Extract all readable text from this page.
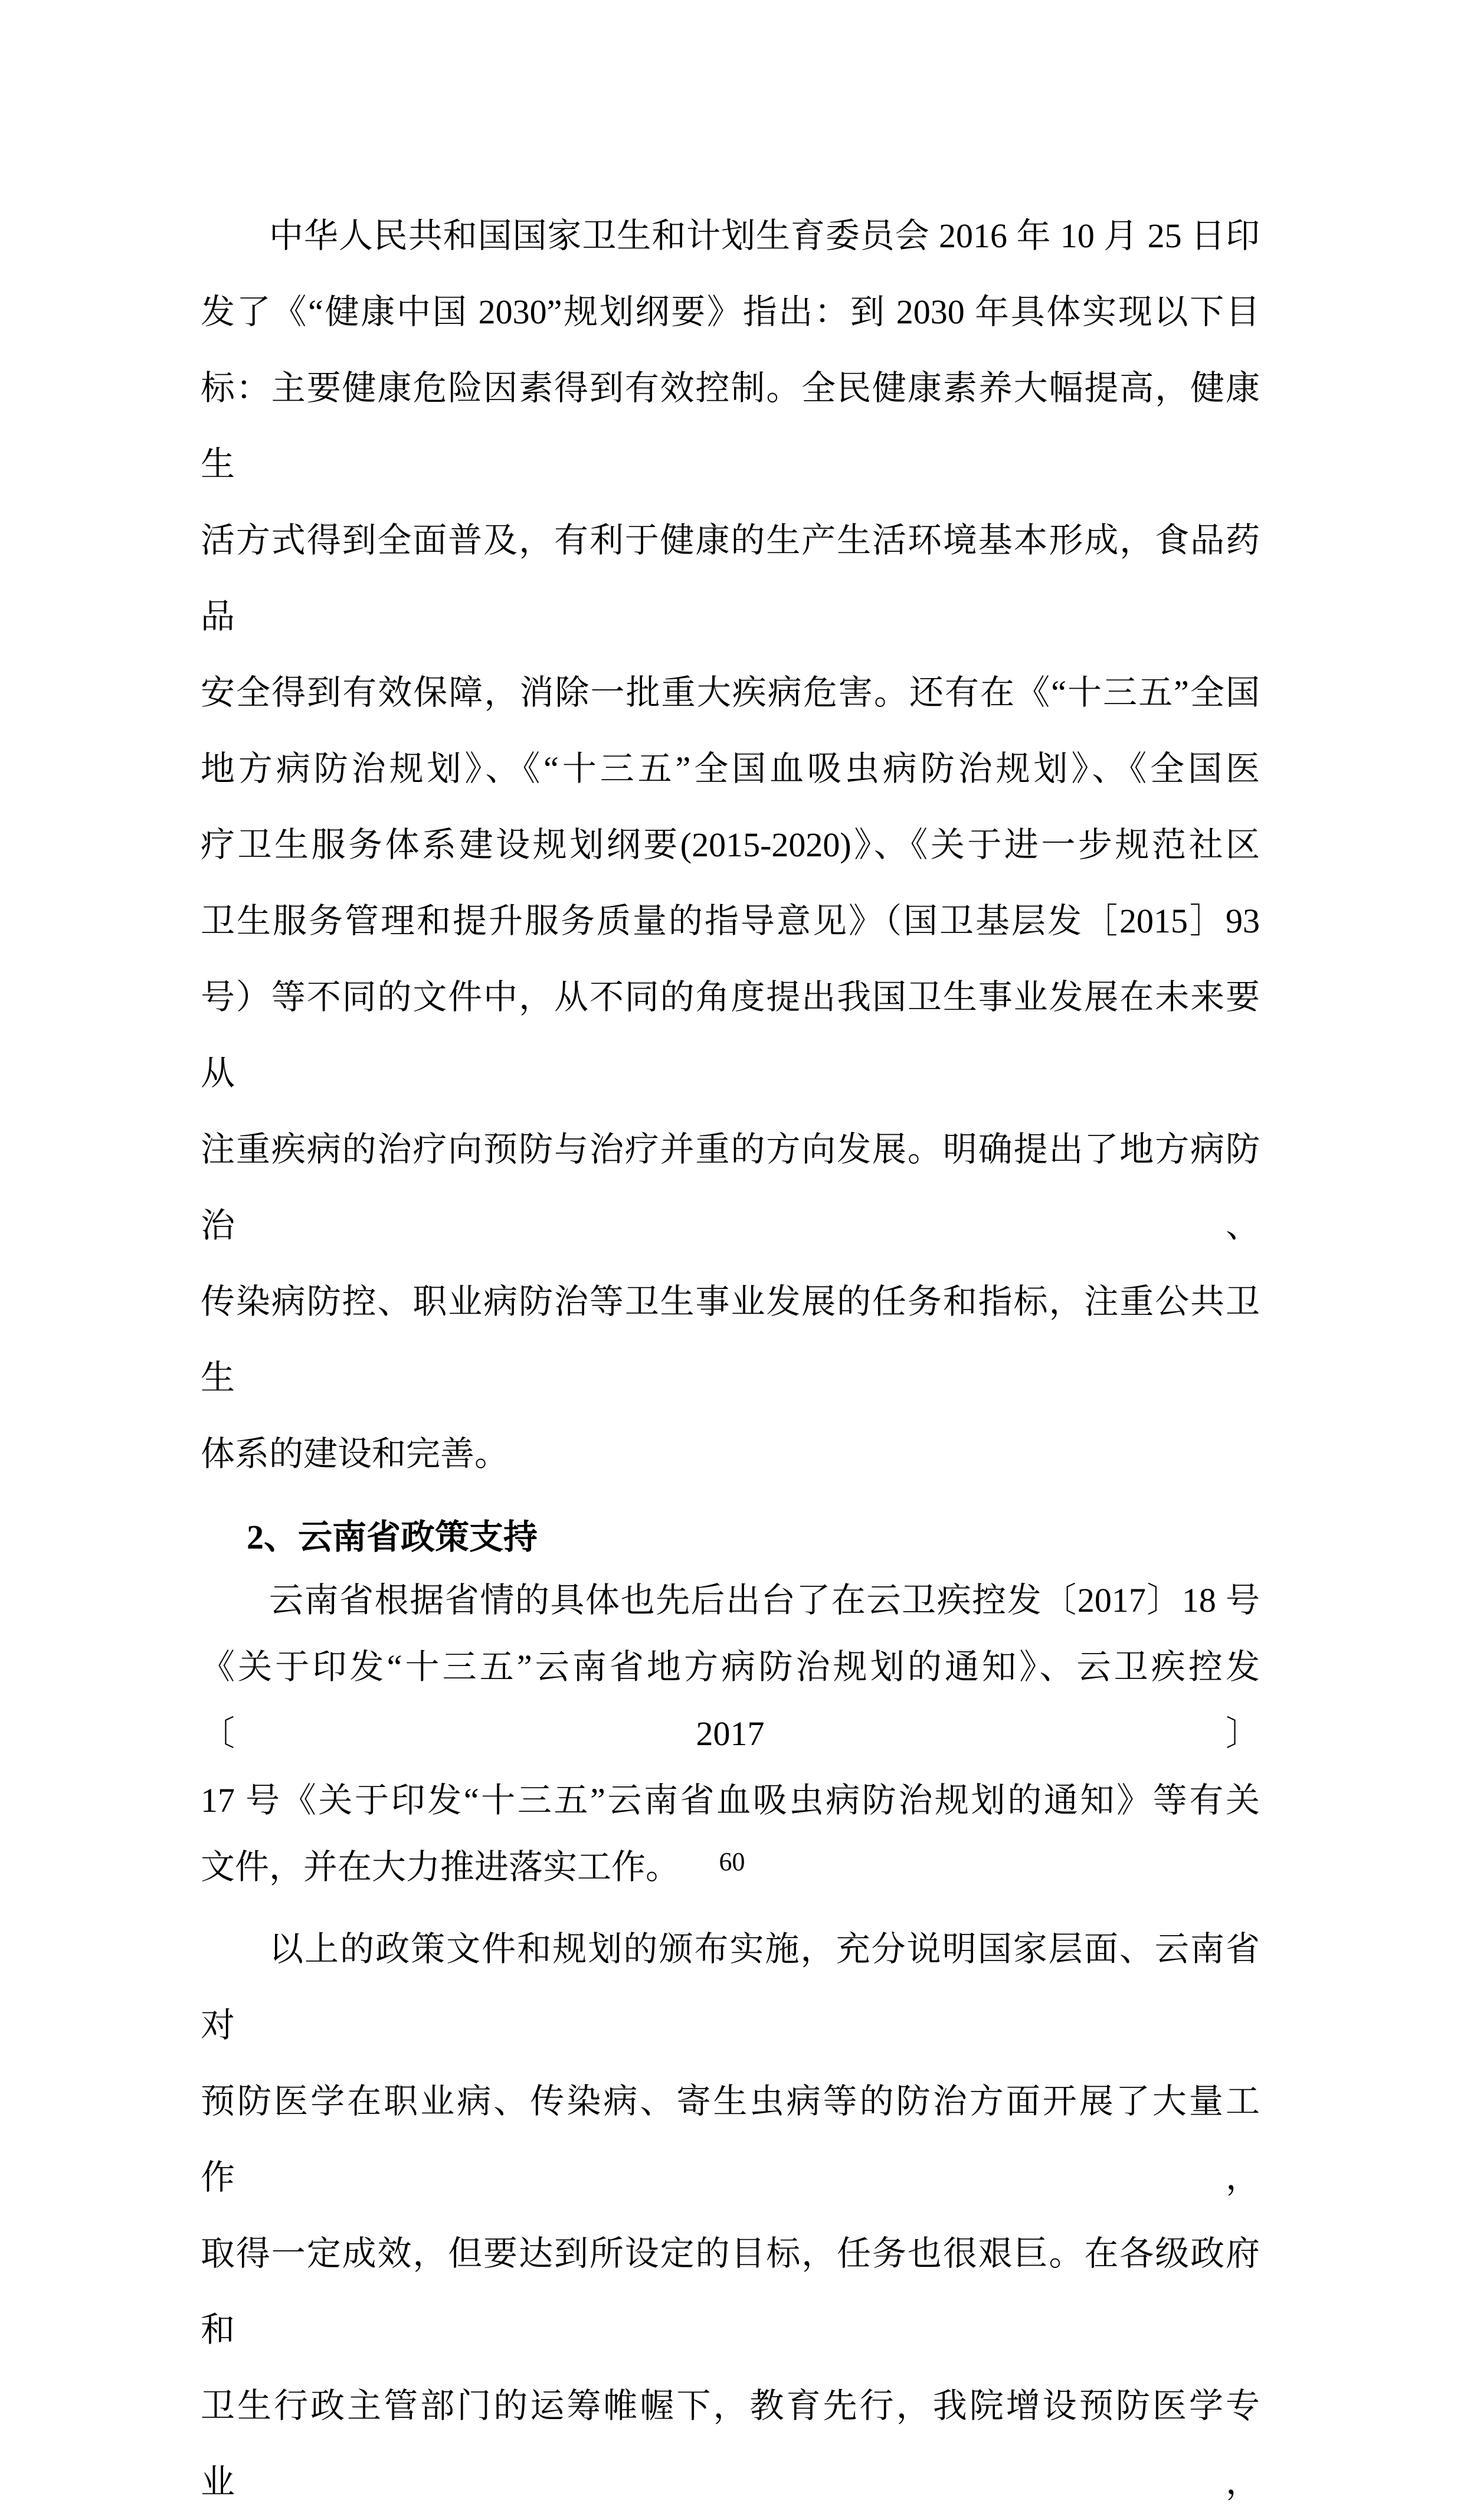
中华人民共和国国家卫生和计划生育委员会 2016 年 10 月 25 日印
发了《“健康中国 2030”规划纲要》指出：到 2030 年具体实现以下目
标：主要健康危险因素得到有效控制。全民健康素养大幅提高，健康生
活方式得到全面普及，有利于健康的生产生活环境基本形成，食品药品
安全得到有效保障，消除一批重大疾病危害。还有在《“十三五”全国
地方病防治规划》、《“十三五”全国血吸虫病防治规划》、《全国医
疗卫生服务体系建设规划纲要(2015-2020)》、《关于进一步规范社区
卫生服务管理和提升服务质量的指导意见》（国卫基层发［2015］93
号）等不同的文件中，从不同的角度提出我国卫生事业发展在未来要从
注重疾病的治疗向预防与治疗并重的方向发展。明确提出了地方病防治、
传染病防控、职业病防治等卫生事业发展的任务和指标，注重公共卫生
体系的建设和完善。
2、云南省政策支持
云南省根据省情的具体也先后出台了在云卫疾控发〔2017〕18 号
《关于印发“十三五”云南省地方病防治规划的通知》、云卫疾控发〔2017〕
17 号《关于印发“十三五”云南省血吸虫病防治规划的通知》等有关
文件，并在大力推进落实工作。
以上的政策文件和规划的颁布实施，充分说明国家层面、云南省对
预防医学在职业病、传染病、寄生虫病等的防治方面开展了大量工作，
取得一定成效，但要达到所设定的目标，任务也很艰巨。在各级政府和
卫生行政主管部门的运筹帷幄下，教育先行，我院增设预防医学专业，
60
